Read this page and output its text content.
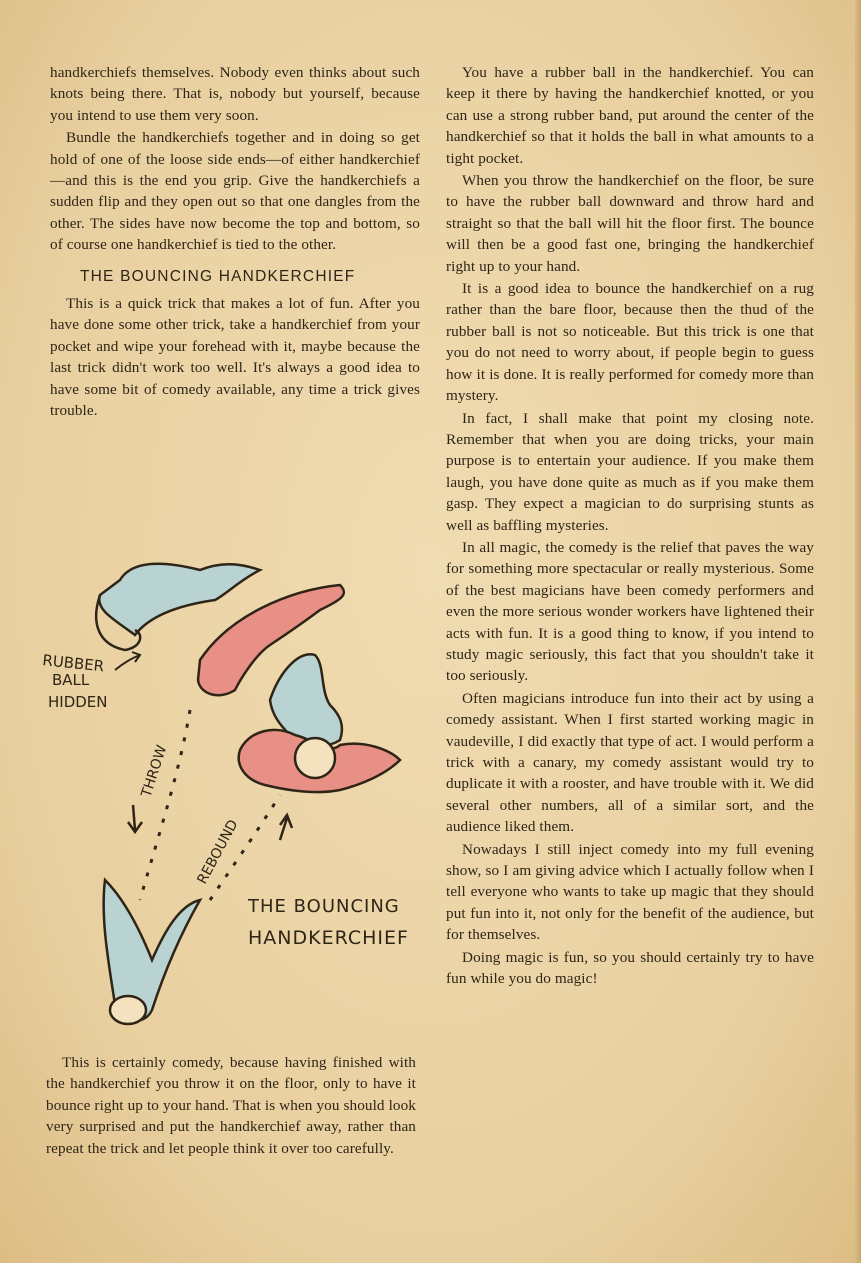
handkerchiefs themselves. Nobody even thinks about such knots being there. That is, nobody but yourself, because you intend to use them very soon.

Bundle the handkerchiefs together and in doing so get hold of one of the loose side ends—of either handkerchief—and this is the end you grip. Give the handkerchiefs a sudden flip and they open out so that one dangles from the other. The sides have now become the top and bottom, so of course one handkerchief is tied to the other.

THE BOUNCING HANDKERCHIEF

This is a quick trick that makes a lot of fun. After you have done some other trick, take a handkerchief from your pocket and wipe your forehead with it, maybe because the last trick didn't work too well. It's always a good idea to have some bit of comedy available, any time a trick gives trouble.

RUBBER
BALL
HIDDEN
THROW
REBOUND
THE BOUNCING
HANDKERCHIEF

This is certainly comedy, because having finished with the handkerchief you throw it on the floor, only to have it bounce right up to your hand. That is when you should look very surprised and put the handkerchief away, rather than repeat the trick and let people think it over too carefully.

You have a rubber ball in the handkerchief. You can keep it there by having the handkerchief knotted, or you can use a strong rubber band, put around the center of the handkerchief so that it holds the ball in what amounts to a tight pocket.

When you throw the handkerchief on the floor, be sure to have the rubber ball downward and throw hard and straight so that the ball will hit the floor first. The bounce will then be a good fast one, bringing the handkerchief right up to your hand.

It is a good idea to bounce the handkerchief on a rug rather than the bare floor, because then the thud of the rubber ball is not so noticeable. But this trick is one that you do not need to worry about, if people begin to guess how it is done. It is really performed for comedy more than mystery.

In fact, I shall make that point my closing note. Remember that when you are doing tricks, your main purpose is to entertain your audience. If you make them laugh, you have done quite as much as if you make them gasp. They expect a magician to do surprising stunts as well as baffling mysteries.

In all magic, the comedy is the relief that paves the way for something more spectacular or really mysterious. Some of the best magicians have been comedy performers and even the more serious wonder workers have lightened their acts with fun. It is a good thing to know, if you intend to study magic seriously, this fact that you shouldn't take it too seriously.

Often magicians introduce fun into their act by using a comedy assistant. When I first started working magic in vaudeville, I did exactly that type of act. I would perform a trick with a canary, my comedy assistant would try to duplicate it with a rooster, and have trouble with it. We did several other numbers, all of a similar sort, and the audience liked them.

Nowadays I still inject comedy into my full evening show, so I am giving advice which I actually follow when I tell everyone who wants to take up magic that they should put fun into it, not only for the benefit of the audience, but for themselves.

Doing magic is fun, so you should certainly try to have fun while you do magic!
